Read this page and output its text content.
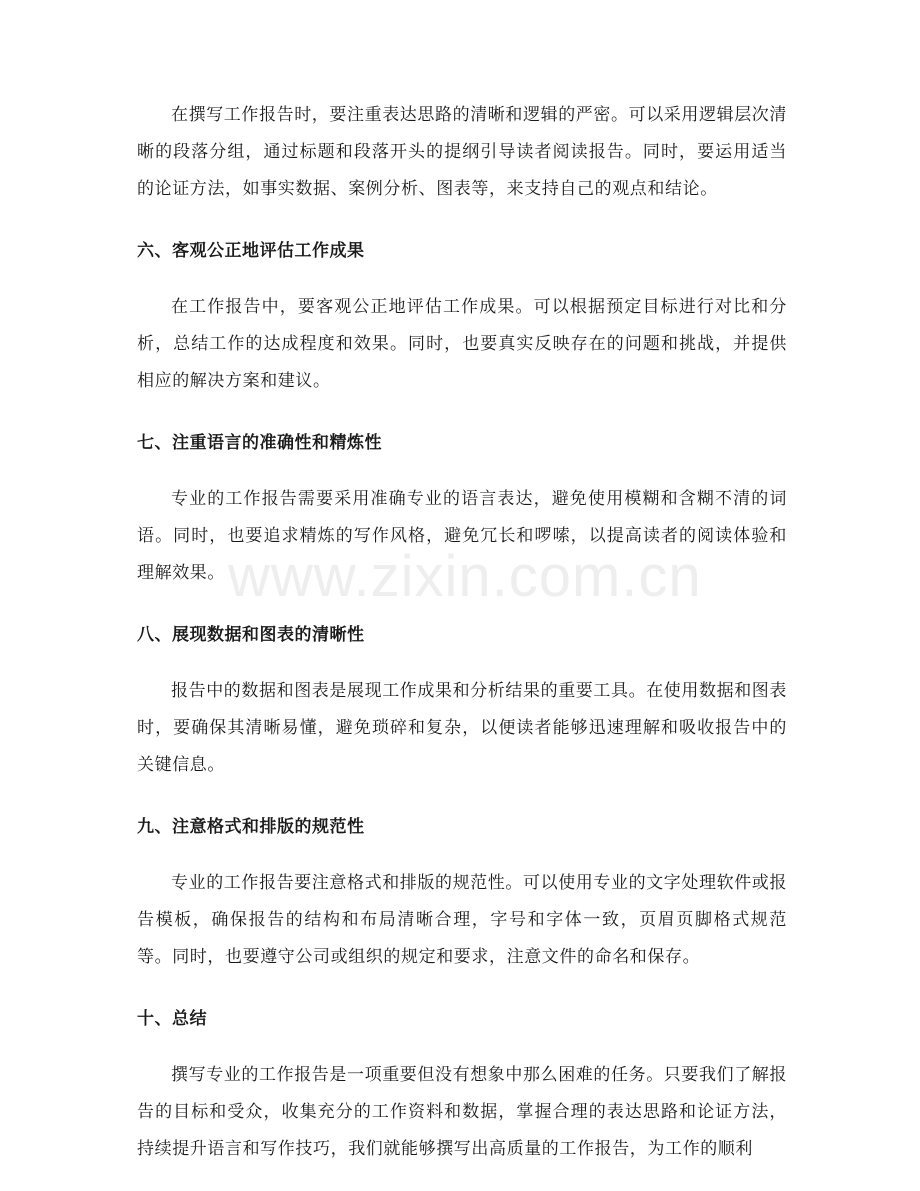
www.zixin.com.cn

在撰写工作报告时，要注重表达思路的清晰和逻辑的严密。可以采用逻辑层次清晰的段落分组，通过标题和段落开头的提纲引导读者阅读报告。同时，要运用适当的论证方法，如事实数据、案例分析、图表等，来支持自己的观点和结论。

六、客观公正地评估工作成果

在工作报告中，要客观公正地评估工作成果。可以根据预定目标进行对比和分析，总结工作的达成程度和效果。同时，也要真实反映存在的问题和挑战，并提供相应的解决方案和建议。

七、注重语言的准确性和精炼性

专业的工作报告需要采用准确专业的语言表达，避免使用模糊和含糊不清的词语。同时，也要追求精炼的写作风格，避免冗长和啰嗦，以提高读者的阅读体验和理解效果。

八、展现数据和图表的清晰性

报告中的数据和图表是展现工作成果和分析结果的重要工具。在使用数据和图表时，要确保其清晰易懂，避免琐碎和复杂，以便读者能够迅速理解和吸收报告中的关键信息。

九、注意格式和排版的规范性

专业的工作报告要注意格式和排版的规范性。可以使用专业的文字处理软件或报告模板，确保报告的结构和布局清晰合理，字号和字体一致，页眉页脚格式规范等。同时，也要遵守公司或组织的规定和要求，注意文件的命名和保存。

十、总结

撰写专业的工作报告是一项重要但没有想象中那么困难的任务。只要我们了解报告的目标和受众，收集充分的工作资料和数据，掌握合理的表达思路和论证方法，持续提升语言和写作技巧，我们就能够撰写出高质量的工作报告，为工作的顺利
